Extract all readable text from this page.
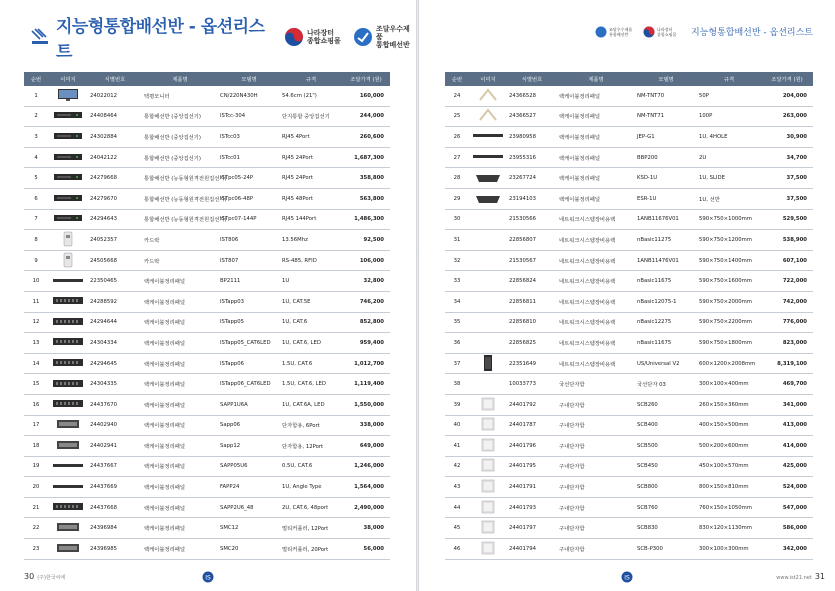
지능형통합배선반 - 옵션리스트
나라장터
종합쇼핑몰
조달우수제품
통합배선반
순번	이미지	식별번호	제품명	모델명	규격	조달가격 (원)
1		24022012	텍평모니터	CN/220N430H	54.6cm (21")	160,000
2		24408464	통합배선반 (중앙집선기)	ISTcc-304	단지통합 중앙집선기	244,000
3		24302884	통합배선반 (중앙집선기)	ISTcc03	RJ45 4Port	260,600
4		24042122	통합배선반 (중앙집선기)	ISTcc01	RJ45 24Port	1,687,300
5		24279668	통합배선반 (능동형원격전원집선기)	ISTpc05-24P	RJ45 24Port	358,800
6		24279670	통합배선반 (능동형원격전원집선기)	ISTpc06-48P	RJ45 48Port	563,800
7		24294643	통합배선반 (능동형원격전원집선기)	ISTpc07-144P	RJ45 144Port	1,486,300
8		24052357	카드락	IST806	13.56Mhz	92,500
9		24505668	카드락	IST807	RS-485, RFID	106,000
10		22350465	랙케이블정리패널	BP2111	1U	32,800
11		24288592	랙케이블정리패널	ISTapp03	1U, CAT.5E	746,200
12		24294644	랙케이블정리패널	ISTapp05	1U, CAT.6	852,800
13		24304334	랙케이블정리패널	ISTapp05_CAT6LED	1U, CAT.6, LED	959,400
14		24294645	랙케이블정리패널	ISTapp06	1.5U, CAT.6	1,012,700
15		24304335	랙케이블정리패널	ISTapp06_CAT6LED	1.5U, CAT.6, LED	1,119,400
16		24437670	랙케이블정리패널	SAPP1U6A	1U, CAT.6A, LED	1,550,000
17		24402940	랙케이블정리패널	Sapp06	단자함용, 6Port	338,000
18		24402941	랙케이블정리패널	Sapp12	단자함용, 12Port	649,000
19		24437667	랙케이블정리패널	SAPP05U6	0.5U, CAT.6	1,246,000
20		24437669	랙케이블정리패널	FAPP24	1U, Angle Type	1,564,000
21		24437668	랙케이블정리패널	SAPP2U6_48	2U, CAT.6, 48port	2,490,000
22		24396984	랙케이블정리패널	SMC12	멀티커플러, 12Port	38,000
23		24396985	랙케이블정리패널	SMC20	멀티커플러, 20Port	56,000
30 (주)한국씨에	IS
조달우수제품
통합배선반
나라장터
종합쇼핑몰	지능형통합배선반 - 옵션리스트
순번	이미지	식별번호	제품명	모델명	규격	조달가격 (원)
24		24366528	랙케이블정리패널	NM-TNT70	50P	204,000
25		24366527	랙케이블정리패널	NM-TNT71	100P	263,000
26		23980958	랙케이블정리패널	JEP-G1	1U, 4HOLE	30,900
27		23955316	랙케이블정리패널	BBP200	2U	34,700
28		23267724	랙케이블정리패널	KSD-1U	1U, SLIDE	37,500
29		23194103	랙케이블정리패널	ESR-1U	1U, 선반	37,500
30		21530566	네트워크시스템장비용랙	1ANB11676V01	590×750×1000mm	529,500
31		22856807	네트워크시스템장비용랙	nBasic11275	590×750×1200mm	538,900
32		21530567	네트워크시스템장비용랙	1ANB11476V01	590×750×1400mm	607,100
33		22856824	네트워크시스템장비용랙	nBasic11675	590×750×1600mm	722,000
34		22856811	네트워크시스템장비용랙	nBasic12075-1	590×750×2000mm	742,000
35		22856810	네트워크시스템장비용랙	nBasic12275	590×750×2200mm	776,000
36		22856825	네트워크시스템장비용랙	nBasic11675	590×750×1800mm	823,000
37		22351649	네트워크시스템장비용랙	US/Universal V2	600×1200×2008mm	8,319,100
38		10033773	국선단자함	국선단자 03	300×100×400mm	469,700
39		24401792	구내단자함	SCB260	260×150×360mm	341,000
40		24401787	구내단자함	SCB400	400×150×500mm	413,000
41		24401796	구내단자함	SCB500	500×200×600mm	414,000
42		24401795	구내단자함	SCB450	450×100×570mm	425,000
43		24401791	구내단자함	SCB800	800×150×810mm	524,000
44		24401793	구내단자함	SCB760	760×150×1050mm	547,000
45		24401797	구내단자함	SCB830	830×120×1130mm	586,000
46		24401794	구내단자함	SCB-P300	300×100×300mm	342,000
IS	www.ist21.net 31
